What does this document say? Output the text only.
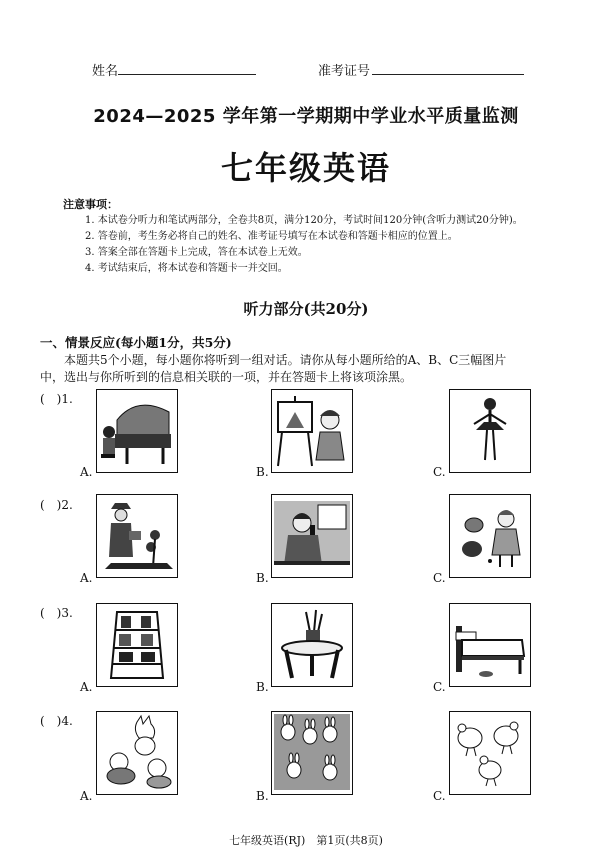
姓名	准考证号
2024—2025 学年第一学期期中学业水平质量监测
七年级英语
注意事项：
1. 本试卷分听力和笔试两部分，全卷共8页，满分120分，考试时间120分钟(含听力测试20分钟)。
2. 答卷前，考生务必将自己的姓名、准考证号填写在本试卷和答题卡相应的位置上。
3. 答案全部在答题卡上完成，答在本试卷上无效。
4. 考试结束后，将本试卷和答题卡一并交回。
听力部分(共20分)
一、情景反应(每小题1分，共5分)
本题共5个小题，每小题你将听到一组对话。请你从每小题所给的A、B、C三幅图片
中，选出与你所听到的信息相关联的一项，并在答题卡上将该项涂黑。
(　)1.
A.	B.	C.
(　)2.
A.	B.	C.
(　)3.
A.	B.	C.
(　)4.
A.	B.	C.
七年级英语(RJ)　第1页(共8页)
